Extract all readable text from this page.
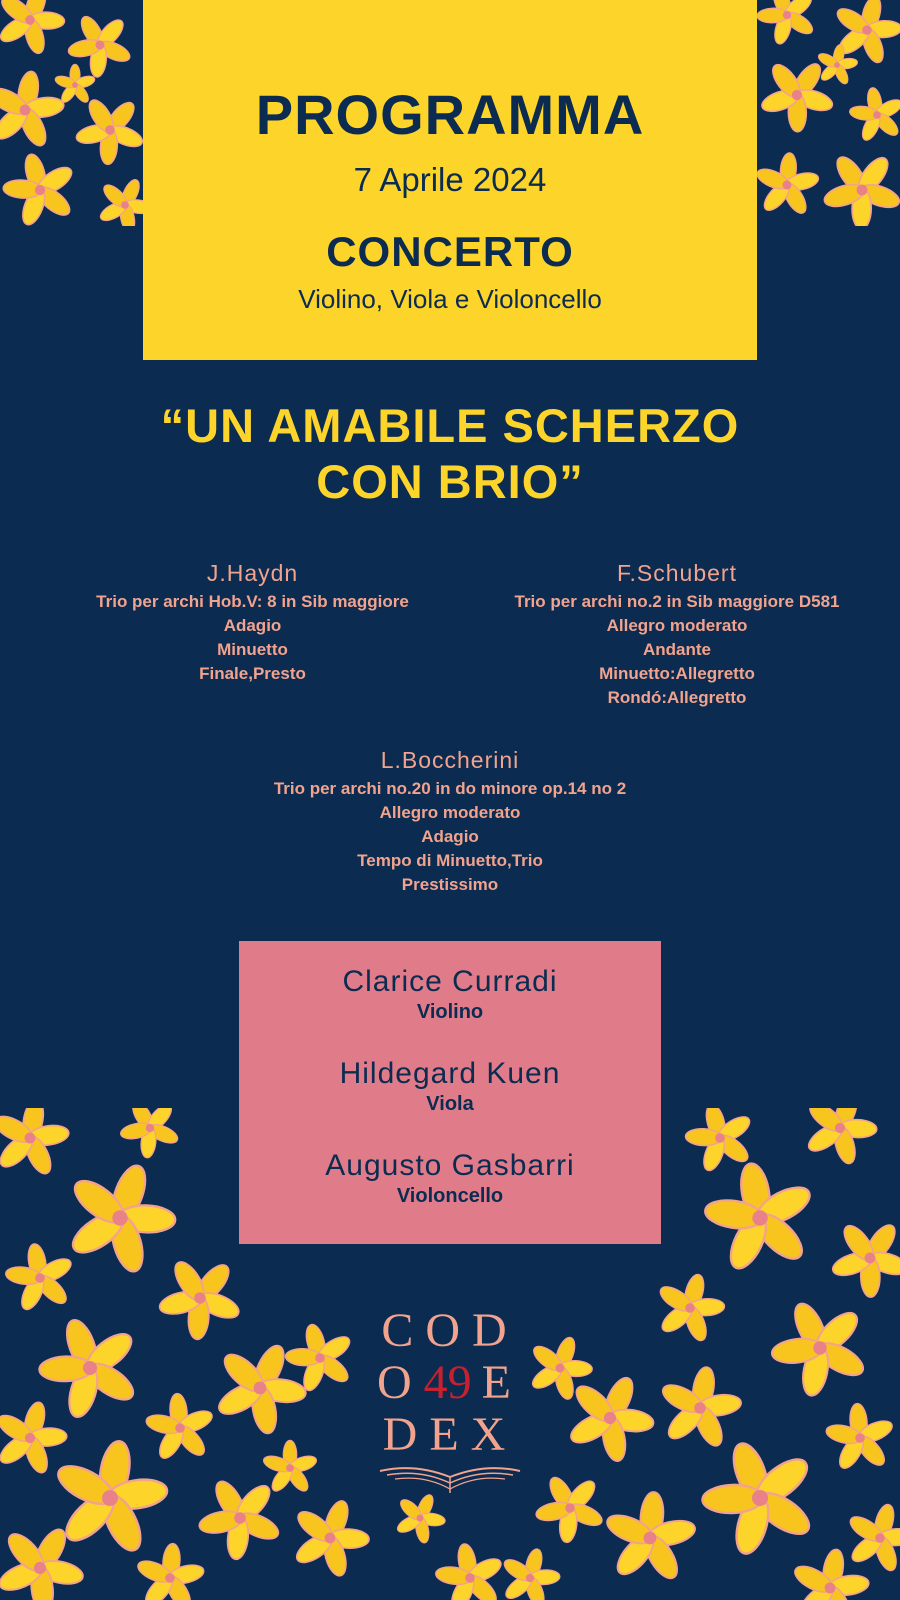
PROGRAMMA
7 Aprile 2024
CONCERTO
Violino, Viola e Violoncello
“UN AMABILE SCHERZO
CON BRIO”
J.Haydn
Trio per archi Hob.V: 8 in Sib maggiore
Adagio
Minuetto
Finale,Presto
F.Schubert
Trio per archi no.2 in Sib maggiore D581
Allegro moderato
Andante
Minuetto:Allegretto
Rondó:Allegretto
L.Boccherini
Trio per archi no.20 in do minore op.14 no 2
Allegro moderato
Adagio
Tempo di Minuetto,Trio
Prestissimo
Clarice Curradi
Violino
Hildegard Kuen
Viola
Augusto Gasbarri
Violoncello
COD
O49 E
DEX
